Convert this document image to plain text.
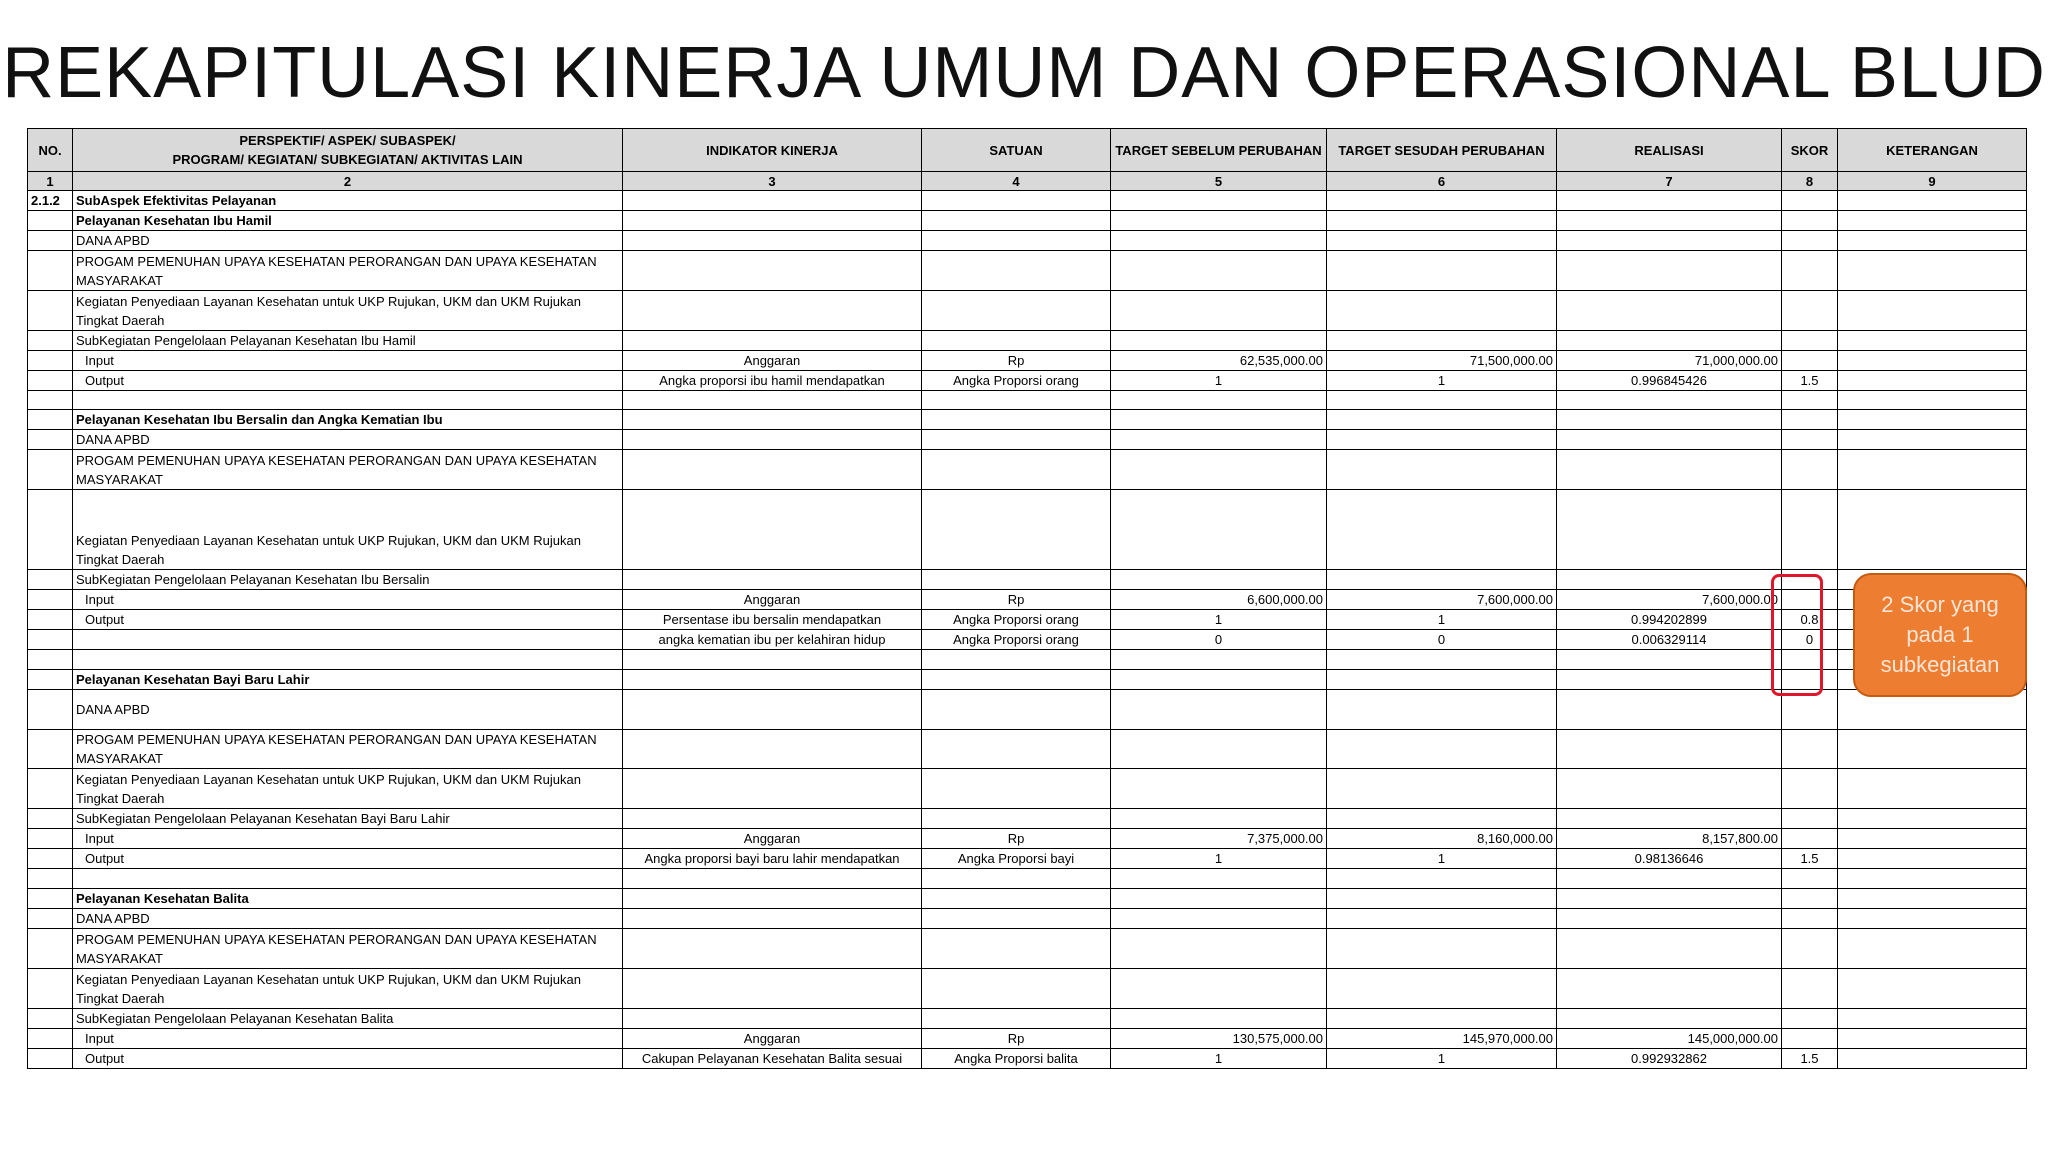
REKAPITULASI KINERJA UMUM DAN OPERASIONAL BLUD
NO.	PERSPEKTIF/ ASPEK/ SUBASPEK/
PROGRAM/ KEGIATAN/ SUBKEGIATAN/ AKTIVITAS LAIN	INDIKATOR KINERJA	SATUAN	TARGET SEBELUM PERUBAHAN	TARGET SESUDAH PERUBAHAN	REALISASI	SKOR	KETERANGAN
1	2	3	4	5	6	7	8	9
2.1.2	SubAspek Efektivitas Pelayanan							
	Pelayanan Kesehatan Ibu Hamil							
	DANA APBD							
	PROGAM PEMENUHAN UPAYA KESEHATAN PERORANGAN DAN UPAYA KESEHATAN MASYARAKAT							
	Kegiatan Penyediaan Layanan Kesehatan untuk UKP Rujukan, UKM dan UKM Rujukan Tingkat Daerah							
	SubKegiatan Pengelolaan Pelayanan Kesehatan Ibu Hamil							
	Input	Anggaran	Rp	62,535,000.00	71,500,000.00	71,000,000.00		
	Output	Angka proporsi ibu hamil mendapatkan	Angka Proporsi orang	1	1	0.996845426	1.5	

	Pelayanan Kesehatan Ibu Bersalin dan Angka Kematian Ibu							
	DANA APBD							
	PROGAM PEMENUHAN UPAYA KESEHATAN PERORANGAN DAN UPAYA KESEHATAN MASYARAKAT							
	Kegiatan Penyediaan Layanan Kesehatan untuk UKP Rujukan, UKM dan UKM Rujukan Tingkat Daerah							
	SubKegiatan Pengelolaan Pelayanan Kesehatan Ibu Bersalin							
	Input	Anggaran	Rp	6,600,000.00	7,600,000.00	7,600,000.00		
	Output	Persentase ibu bersalin mendapatkan	Angka Proporsi orang	1	1	0.994202899	0.8	
		angka kematian ibu per kelahiran hidup	Angka Proporsi orang	0	0	0.006329114	0	

	Pelayanan Kesehatan Bayi Baru Lahir							
	DANA APBD							
	PROGAM PEMENUHAN UPAYA KESEHATAN PERORANGAN DAN UPAYA KESEHATAN MASYARAKAT							
	Kegiatan Penyediaan Layanan Kesehatan untuk UKP Rujukan, UKM dan UKM Rujukan Tingkat Daerah							
	SubKegiatan Pengelolaan Pelayanan Kesehatan Bayi Baru Lahir							
	Input	Anggaran	Rp	7,375,000.00	8,160,000.00	8,157,800.00		
	Output	Angka proporsi bayi baru lahir mendapatkan	Angka Proporsi bayi	1	1	0.98136646	1.5	

	Pelayanan Kesehatan Balita							
	DANA APBD							
	PROGAM PEMENUHAN UPAYA KESEHATAN PERORANGAN DAN UPAYA KESEHATAN MASYARAKAT							
	Kegiatan Penyediaan Layanan Kesehatan untuk UKP Rujukan, UKM dan UKM Rujukan Tingkat Daerah							
	SubKegiatan Pengelolaan Pelayanan Kesehatan Balita							
	Input	Anggaran	Rp	130,575,000.00	145,970,000.00	145,000,000.00		
	Output	Cakupan Pelayanan Kesehatan Balita sesuai	Angka Proporsi balita	1	1	0.992932862	1.5	
2 Skor yang pada 1 subkegiatan
